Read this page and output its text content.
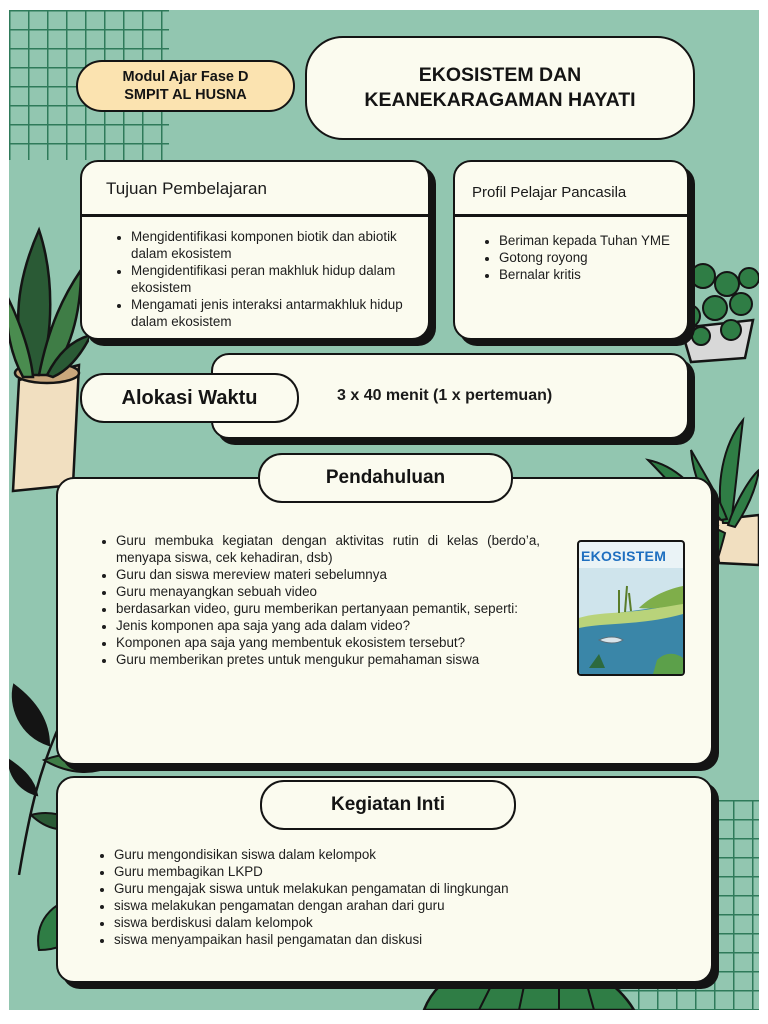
Modul Ajar Fase D
SMPIT AL HUSNA
EKOSISTEM DAN
KEANEKARAGAMAN HAYATI
Tujuan Pembelajaran
• Mengidentifikasi komponen biotik dan abiotik dalam ekosistem
• Mengidentifikasi peran makhluk hidup dalam ekosistem
• Mengamati jenis interaksi antarmakhluk hidup dalam ekosistem
Profil Pelajar Pancasila
• Beriman kepada Tuhan YME
• Gotong royong
• Bernalar kritis
3 x 40 menit (1 x pertemuan)
Alokasi Waktu
• Guru membuka kegiatan dengan aktivitas rutin di kelas (berdo’a, menyapa siswa, cek kehadiran, dsb)
• Guru dan siswa mereview materi sebelumnya
• Guru menayangkan sebuah video
• berdasarkan video, guru memberikan pertanyaan pemantik, seperti:
• Jenis komponen apa saja yang ada dalam video?
• Komponen apa saja yang membentuk ekosistem tersebut?
• Guru memberikan pretes untuk mengukur pemahaman siswa
EKOSISTEM
Pendahuluan
• Guru mengondisikan siswa dalam kelompok
• Guru membagikan LKPD
• Guru mengajak siswa untuk melakukan pengamatan di lingkungan
• siswa melakukan pengamatan dengan arahan dari guru
• siswa berdiskusi dalam kelompok
• siswa menyampaikan hasil pengamatan dan diskusi
Kegiatan Inti
